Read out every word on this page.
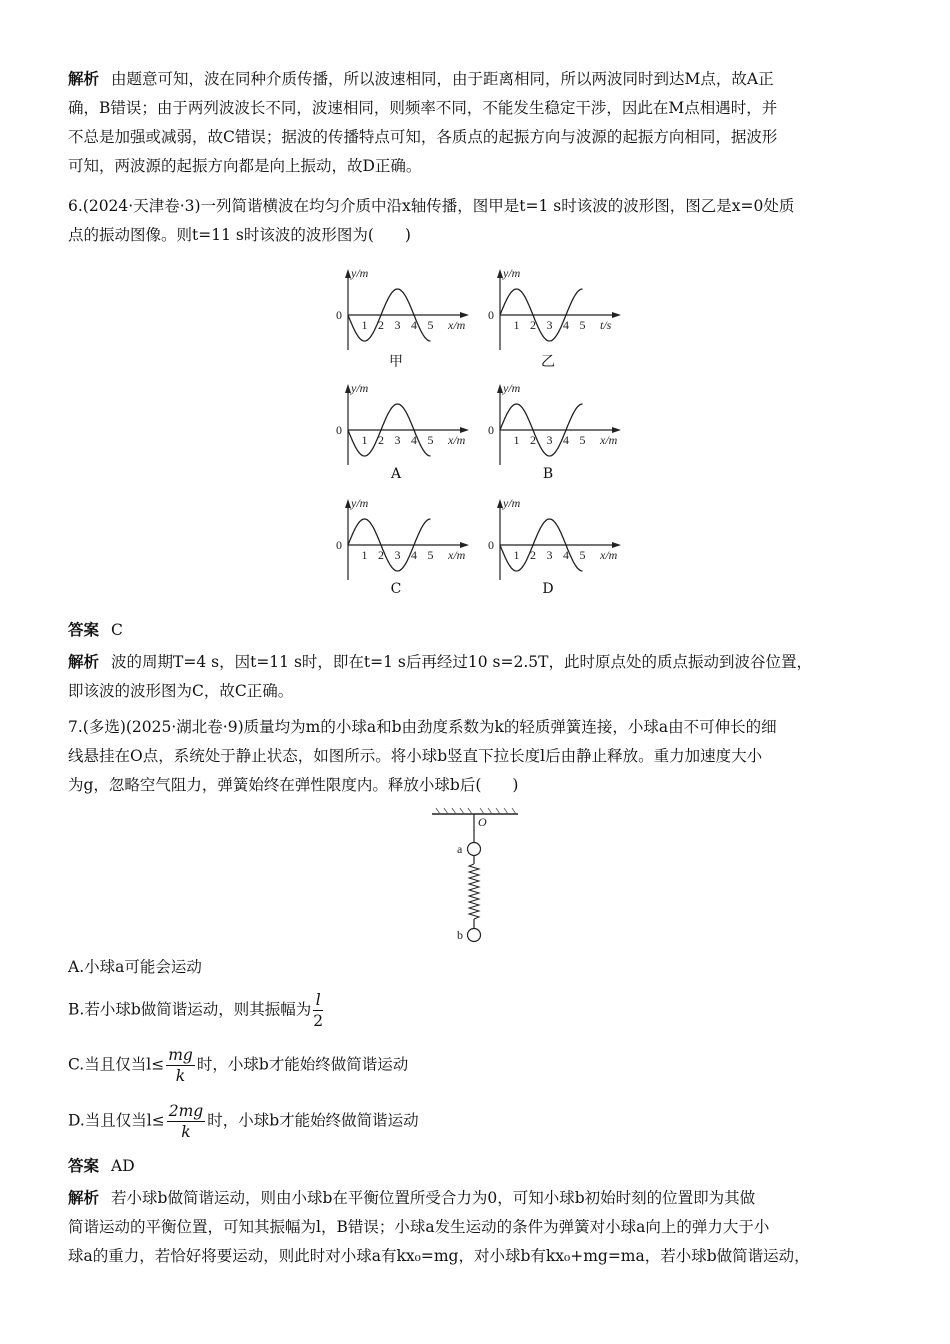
解析 由题意可知，波在同种介质传播，所以波速相同，由于距离相同，所以两波同时到达M点，故A正
确，B错误；由于两列波波长不同，波速相同，则频率不同，不能发生稳定干涉，因此在M点相遇时，并
不总是加强或减弱，故C错误；据波的传播特点可知，各质点的起振方向与波源的起振方向相同，据波形
可知，两波源的起振方向都是向上振动，故D正确。
6.(2024·天津卷·3)一列简谐横波在均匀介质中沿x轴传播，图甲是t=1 s时该波的波形图，图乙是x=0处质
点的振动图像。则t=11 s时该波的波形图为(　　)
y/m
0
1 2 3 4 5 x/m
甲
y/m
0
1 2 3 4 5 t/s
乙
y/m
0
1 2 3 4 5 x/m
A
y/m
0
1 2 3 4 5 x/m
B
y/m
0
1 2 3 4 5 x/m
C
y/m
0
1 2 3 4 5 x/m
D
答案 C
解析 波的周期T=4 s，因t=11 s时，即在t=1 s后再经过10 s=2.5T，此时原点处的质点振动到波谷位置，
即该波的波形图为C，故C正确。
7.(多选)(2025·湖北卷·9)质量均为m的小球a和b由劲度系数为k的轻质弹簧连接，小球a由不可伸长的细
线悬挂在O点，系统处于静止状态，如图所示。将小球b竖直下拉长度l后由静止释放。重力加速度大小
为g，忽略空气阻力，弹簧始终在弹性限度内。释放小球b后(　　)
O
a
b
A.小球a可能会运动
B.若小球b做简谐运动，则其振幅为 $\frac{l}{2}$
C.当且仅当$l\le \frac{mg}{k}$ 时，小球b才能始终做简谐运动
D.当且仅当$l\le \frac{2mg}{k}$ 时，小球b才能始终做简谐运动
答案 AD
解析 若小球b做简谐运动，则由小球b在平衡位置所受合力为0，可知小球b初始时刻的位置即为其做
简谐运动的平衡位置，可知其振幅为l，B错误；小球a发生运动的条件为弹簧对小球a向上的弹力大于小
球a的重力，若恰好将要运动，则此时对小球a有kx₀=mg，对小球b有kx₀+mg=ma，若小球b做简谐运动，
